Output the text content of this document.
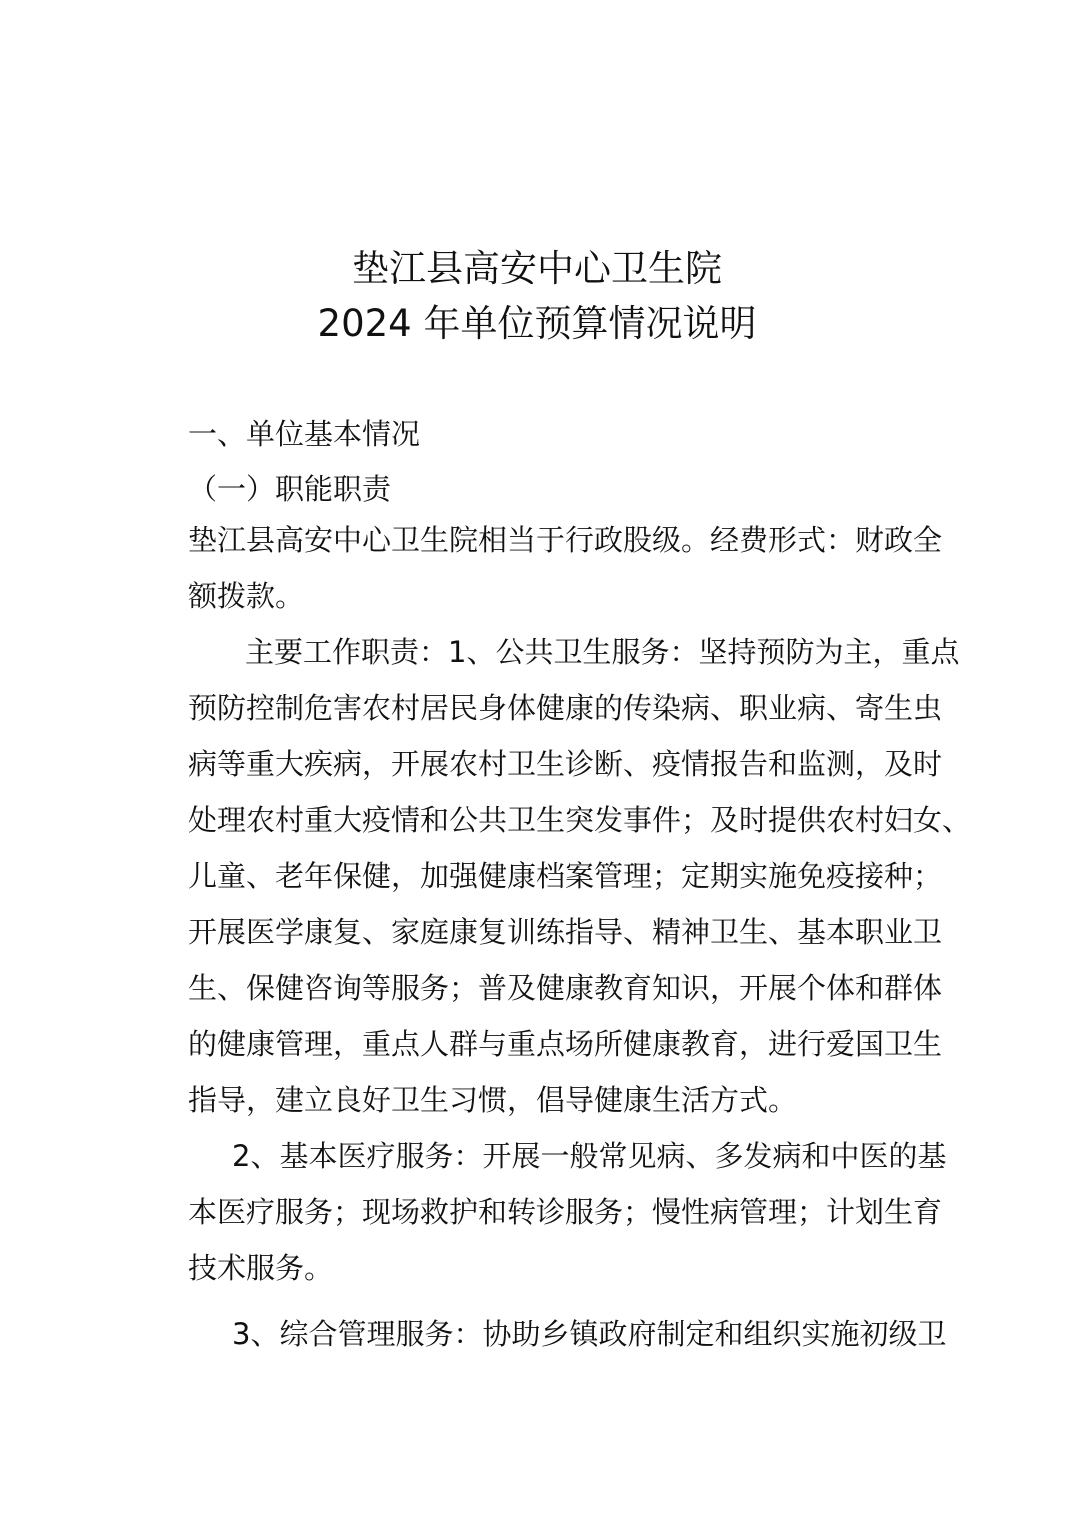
垫江县高安中心卫生院
2024 年单位预算情况说明

一、单位基本情况

（一）职能职责

垫江县高安中心卫生院相当于行政股级。经费形式：财政全

额拨款。

主要工作职责：1、公共卫生服务：坚持预防为主，重点

预防控制危害农村居民身体健康的传染病、职业病、寄生虫

病等重大疾病，开展农村卫生诊断、疫情报告和监测，及时

处理农村重大疫情和公共卫生突发事件；及时提供农村妇女、

儿童、老年保健，加强健康档案管理；定期实施免疫接种；

开展医学康复、家庭康复训练指导、精神卫生、基本职业卫

生、保健咨询等服务；普及健康教育知识，开展个体和群体

的健康管理，重点人群与重点场所健康教育，进行爱国卫生

指导，建立良好卫生习惯，倡导健康生活方式。

2、基本医疗服务：开展一般常见病、多发病和中医的基

本医疗服务；现场救护和转诊服务；慢性病管理；计划生育

技术服务。

3、综合管理服务：协助乡镇政府制定和组织实施初级卫
